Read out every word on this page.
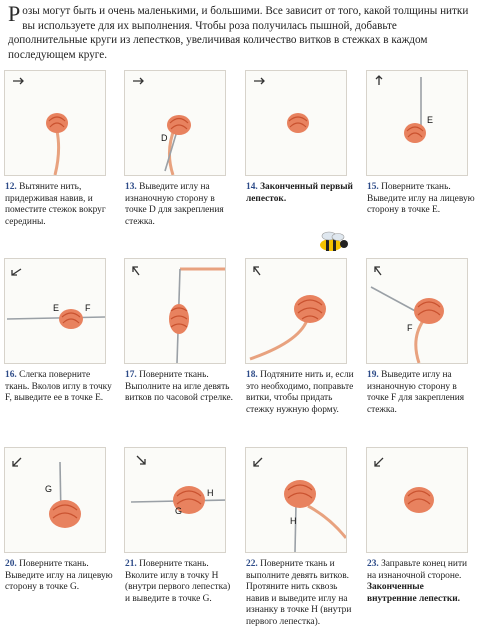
Розы могут быть и очень маленькими, и большими. Все зависит от того, какой толщины нитки вы используете для их выполнения. Чтобы роза получилась пышной, добавьте дополнительные круги из лепестков, увеличивая количество витков в стежках в каждом последующем круге.
12. Вытяните нить, придерживая навив, и поместите стежок вокруг середины.
D
13. Выведите иглу на изнаночную сторону в точке D для закрепления стежка.
14. Законченный первый лепесток.
E
15. Поверните ткань. Выведите иглу на лицевую сторону в точке E.
E	F
16. Слегка поверните ткань. Вколов иглу в точку F, выведите ее в точке E.
17. Поверните ткань. Выполните на игле девять витков по часовой стрелке.
18. Подтяните нить и, если это необходимо, поправьте витки, чтобы придать стежку нужную форму.
F
19. Выведите иглу на изнаночную сторону в точке F для закрепления стежка.
G
20. Поверните ткань. Выведите иглу на лицевую сторону в точке G.
H
G
21. Поверните ткань. Вколите иглу в точку H (внутри первого лепестка) и выведите в точке G.
H
22. Поверните ткань и выполните девять витков. Протяните нить сквозь навив и выведите иглу на изнанку в точке H (внутри первого лепестка).
23. Заправьте конец нити на изнаночной стороне. Законченные внутренние лепестки.
